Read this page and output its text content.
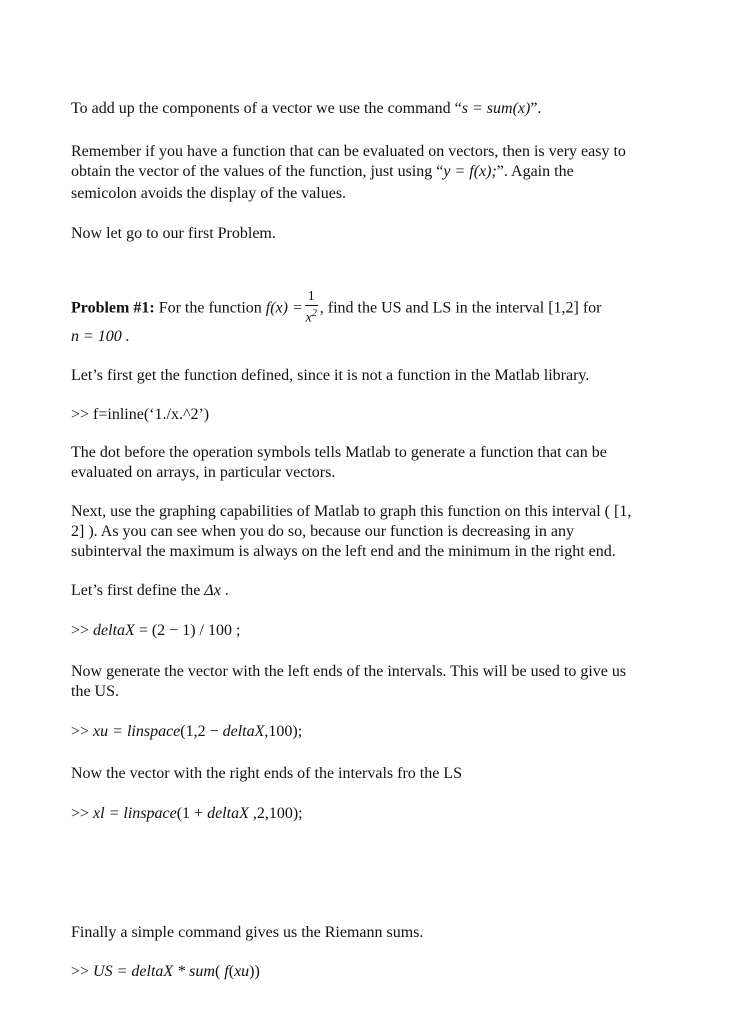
To add up the components of a vector we use the command “s = sum(x)”.
Remember if you have a function that can be evaluated on vectors, then is very easy to
obtain the vector of the values of the function, just using “y = f(x);”. Again the
semicolon avoids the display of the values.
Now let go to our first Problem.
Problem #1: For the function $f(x) = \frac{1}{x^2}$ , find the US and LS in the interval [1,2] for
n = 100 .
Let’s first get the function defined, since it is not a function in the Matlab library.
>> f=inline(‘1./x.^2’)
The dot before the operation symbols tells Matlab to generate a function that can be
evaluated on arrays, in particular vectors.
Next, use the graphing capabilities of Matlab to graph this function on this interval ( [1,
2] ). As you can see when you do so, because our function is decreasing in any
subinterval the maximum is always on the left end and the minimum in the right end.
Let’s first define the Δx .
>> deltaX = (2 − 1) / 100 ;
Now generate the vector with the left ends of the intervals. This will be used to give us
the US.
>> xu = linspace(1,2 − deltaX,100);
Now the vector with the right ends of the intervals fro the LS
>> xl = linspace(1 + deltaX ,2,100);
Finally a simple command gives us the Riemann sums.
>> US = deltaX * sum( f(xu))
